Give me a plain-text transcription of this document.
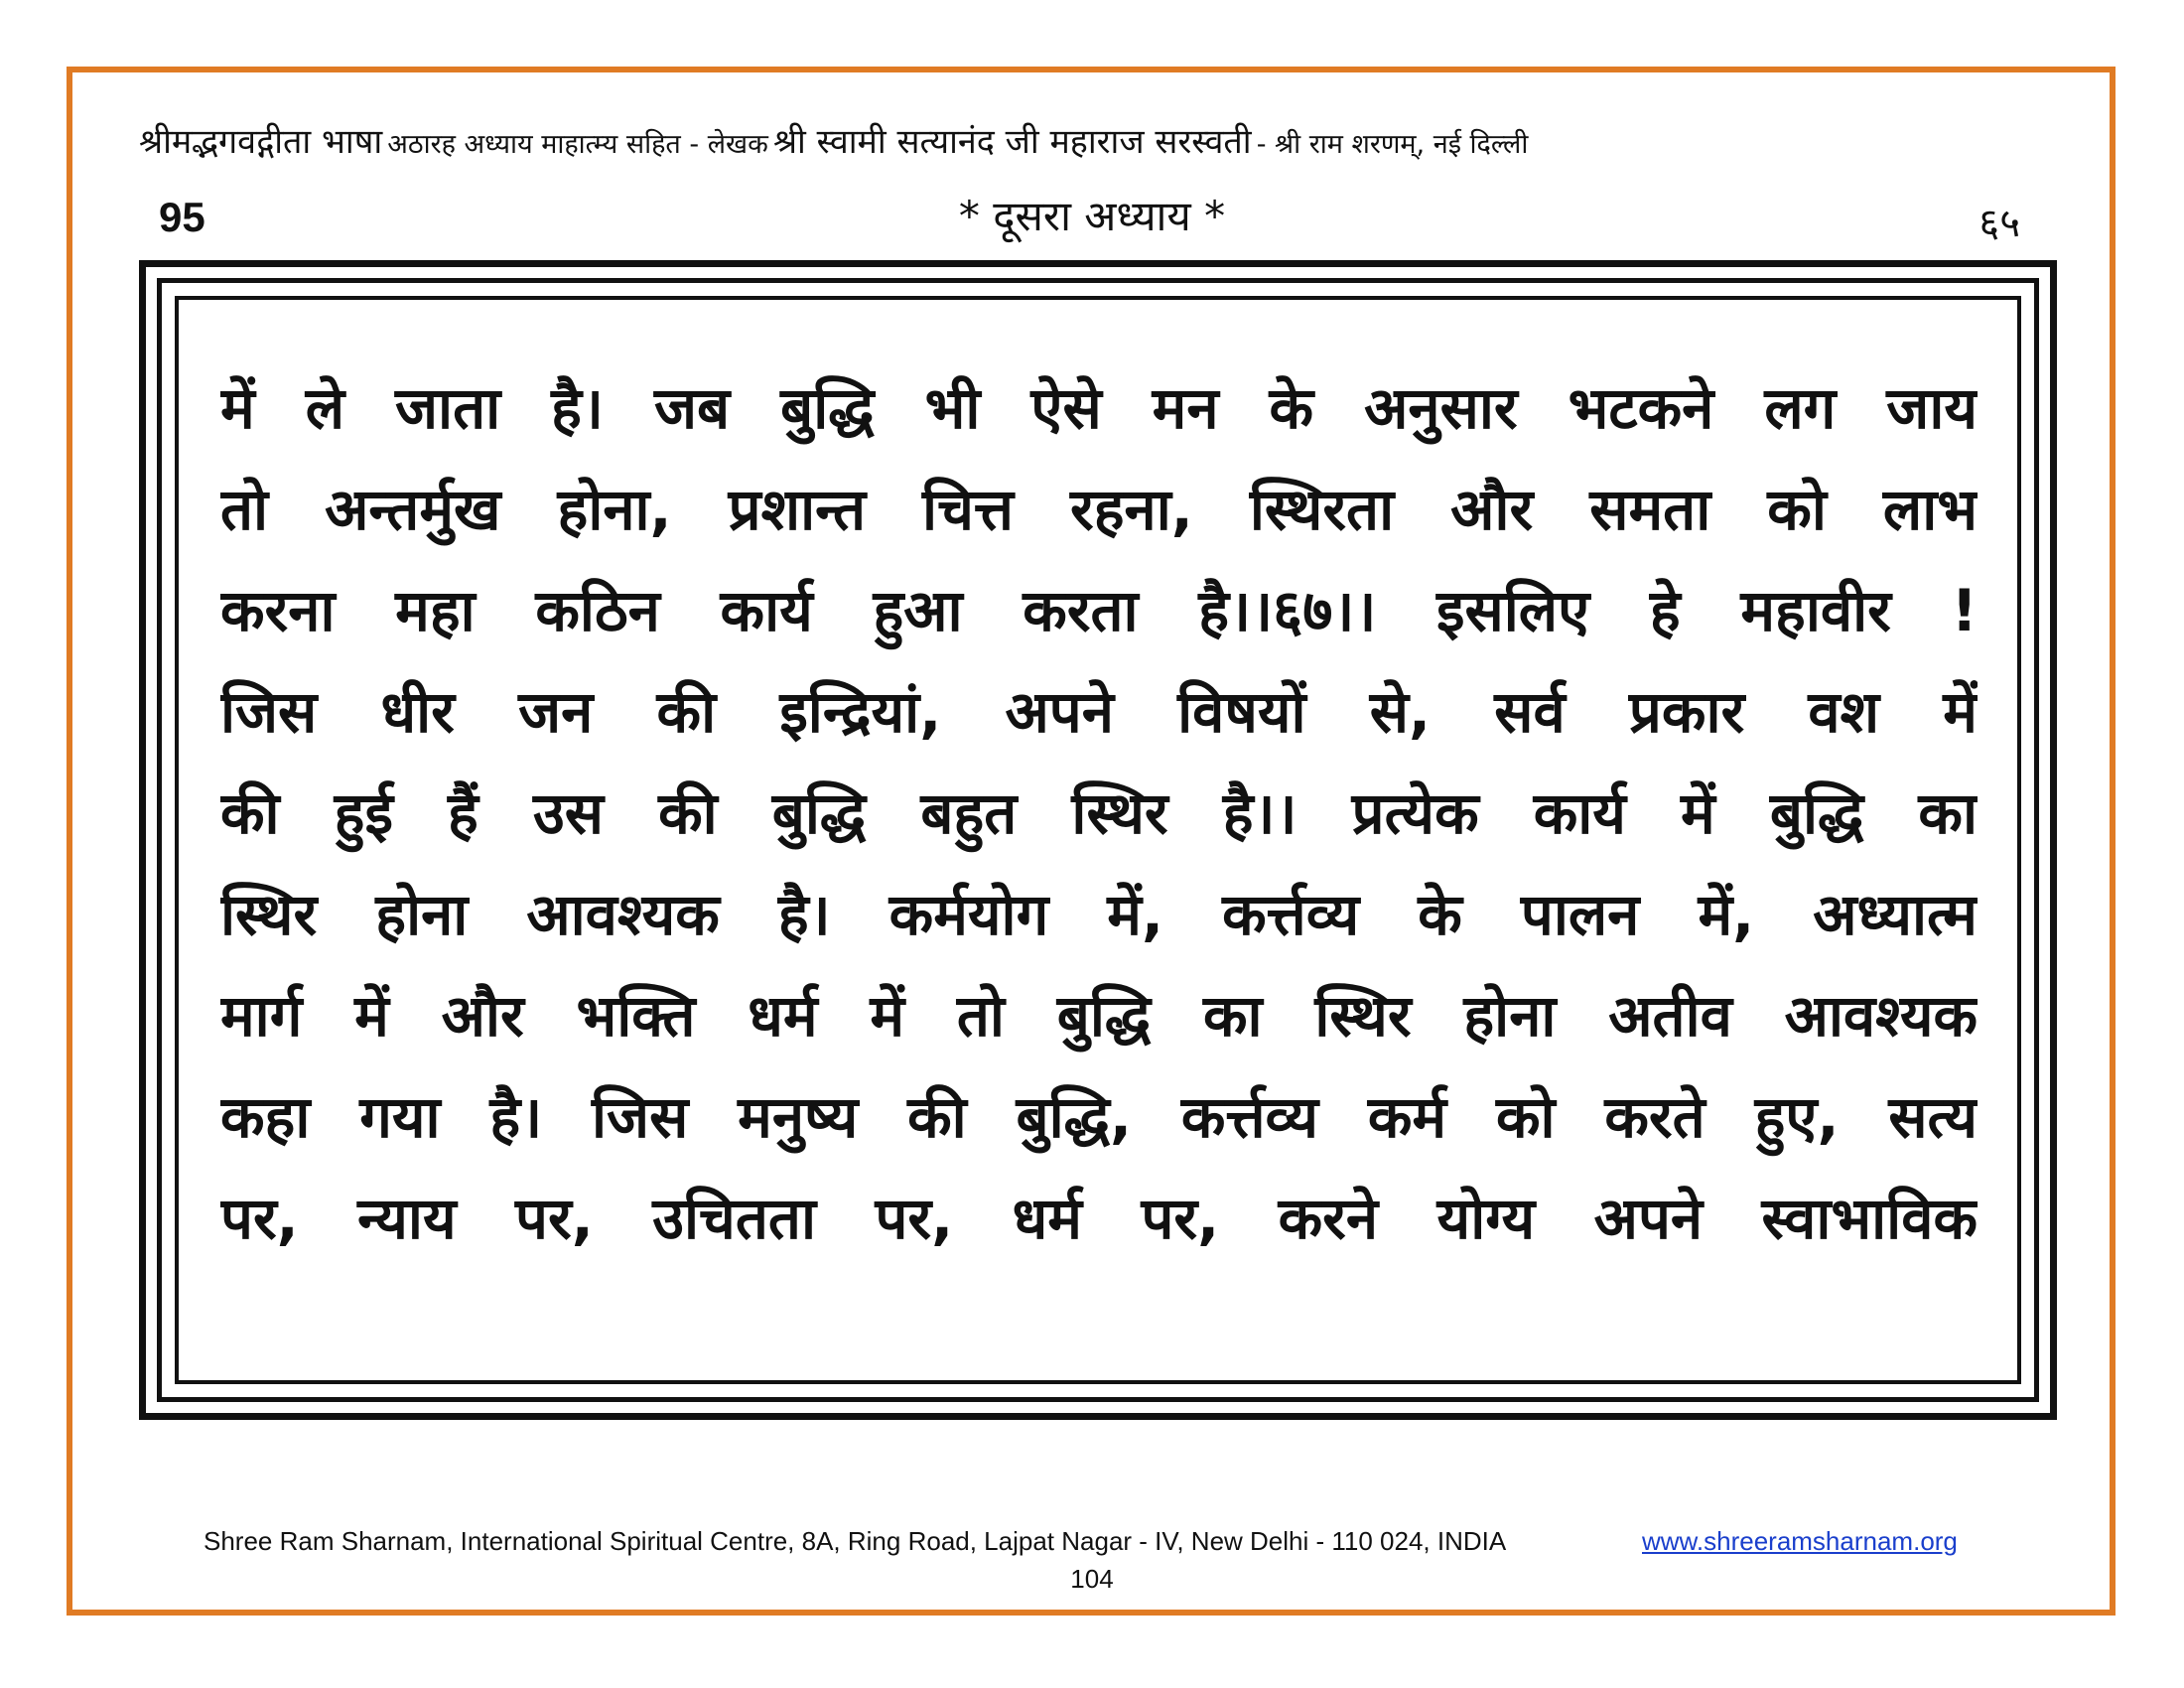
श्रीमद्भगवद्गीता भाषा अठारह अध्याय माहात्म्य सहित - लेखक श्री स्वामी सत्यानंद जी महाराज सरस्वती - श्री राम शरणम्, नई दिल्ली
95	* दूसरा अध्याय *	६५
में ले जाता है। जब बुद्धि भी ऐसे मन के अनुसार भटकने लग जाय
तो अन्तर्मुख होना, प्रशान्त चित्त रहना, स्थिरता और समता को लाभ
करना महा कठिन कार्य हुआ करता है।।६७।। इसलिए हे महावीर !
जिस धीर जन की इन्द्रियां, अपने विषयों से, सर्व प्रकार वश में
की हुई हैं उस की बुद्धि बहुत स्थिर है।। प्रत्येक कार्य में बुद्धि का
स्थिर होना आवश्यक है। कर्मयोग में, कर्त्तव्य के पालन में, अध्यात्म
मार्ग में और भक्ति धर्म में तो बुद्धि का स्थिर होना अतीव आवश्यक
कहा गया है। जिस मनुष्य की बुद्धि, कर्त्तव्य कर्म को करते हुए, सत्य
पर, न्याय पर, उचितता पर, धर्म पर, करने योग्य अपने स्वाभाविक
Shree Ram Sharnam, International Spiritual Centre, 8A, Ring Road, Lajpat Nagar - IV, New Delhi - 110 024, INDIA	www.shreeramsharnam.org
104
